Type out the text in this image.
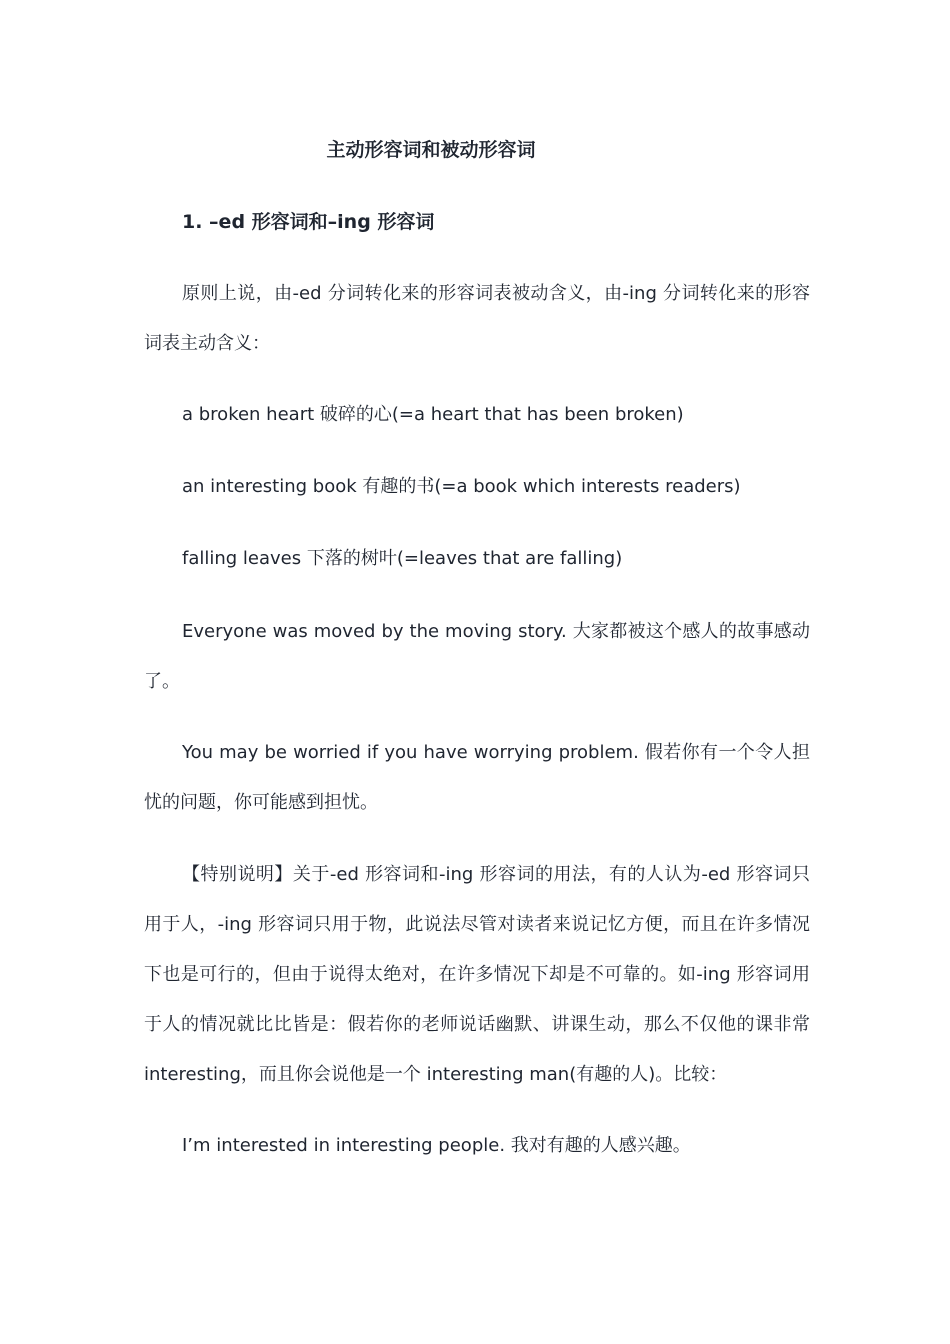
主动形容词和被动形容词
1. –ed 形容词和–ing 形容词

原则上说，由-ed 分词转化来的形容词表被动含义，由-ing 分词转化来的形容词表主动含义：

a broken heart 破碎的心(=a heart that has been broken)

an interesting book 有趣的书(=a book which interests readers)

falling leaves 下落的树叶(=leaves that are falling)

Everyone was moved by the moving story. 大家都被这个感人的故事感动了。

You may be worried if you have worrying problem. 假若你有一个令人担忧的问题，你可能感到担忧。

【特别说明】关于-ed 形容词和-ing 形容词的用法，有的人认为-ed 形容词只用于人，-ing 形容词只用于物，此说法尽管对读者来说记忆方便，而且在许多情况下也是可行的，但由于说得太绝对，在许多情况下却是不可靠的。如-ing 形容词用于人的情况就比比皆是：假若你的老师说话幽默、讲课生动，那么不仅他的课非常 interesting，而且你会说他是一个 interesting man(有趣的人)。比较：

I’m interested in interesting people. 我对有趣的人感兴趣。
